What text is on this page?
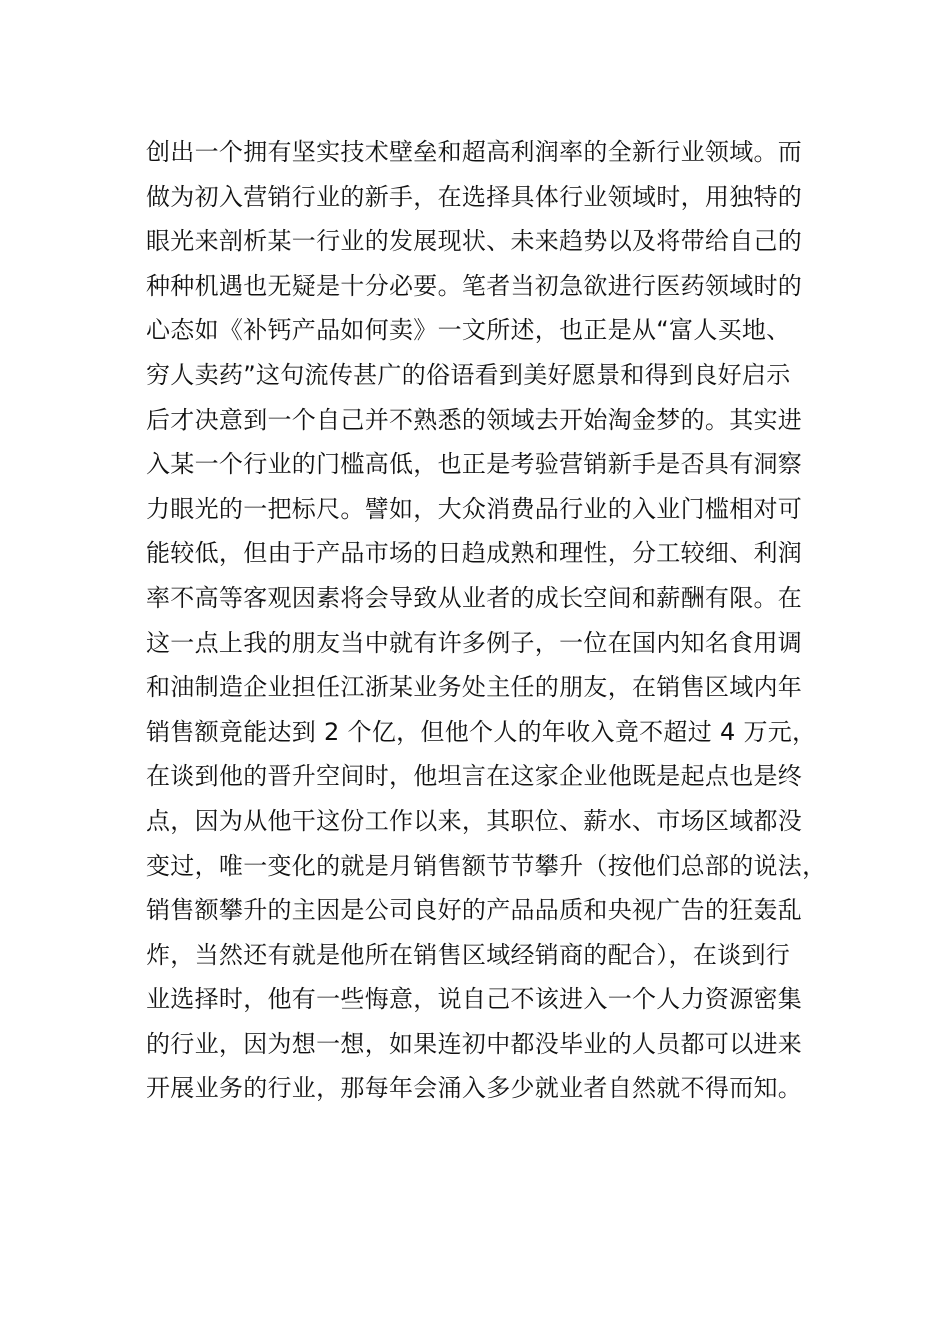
创出一个拥有坚实技术壁垒和超高利润率的全新行业领域。而
做为初入营销行业的新手，在选择具体行业领域时，用独特的
眼光来剖析某一行业的发展现状、未来趋势以及将带给自己的
种种机遇也无疑是十分必要。笔者当初急欲进行医药领域时的
心态如《补钙产品如何卖》一文所述，也正是从“富人买地、
穷人卖药”这句流传甚广的俗语看到美好愿景和得到良好启示
后才决意到一个自己并不熟悉的领域去开始淘金梦的。其实进
入某一个行业的门槛高低，也正是考验营销新手是否具有洞察
力眼光的一把标尺。譬如，大众消费品行业的入业门槛相对可
能较低，但由于产品市场的日趋成熟和理性，分工较细、利润
率不高等客观因素将会导致从业者的成长空间和薪酬有限。在
这一点上我的朋友当中就有许多例子，一位在国内知名食用调
和油制造企业担任江浙某业务处主任的朋友，在销售区域内年
销售额竟能达到 2 个亿，但他个人的年收入竟不超过 4 万元，
在谈到他的晋升空间时，他坦言在这家企业他既是起点也是终
点，因为从他干这份工作以来，其职位、薪水、市场区域都没
变过，唯一变化的就是月销售额节节攀升（按他们总部的说法，
销售额攀升的主因是公司良好的产品品质和央视广告的狂轰乱
炸，当然还有就是他所在销售区域经销商的配合），在谈到行
业选择时，他有一些悔意，说自己不该进入一个人力资源密集
的行业，因为想一想，如果连初中都没毕业的人员都可以进来
开展业务的行业，那每年会涌入多少就业者自然就不得而知。
